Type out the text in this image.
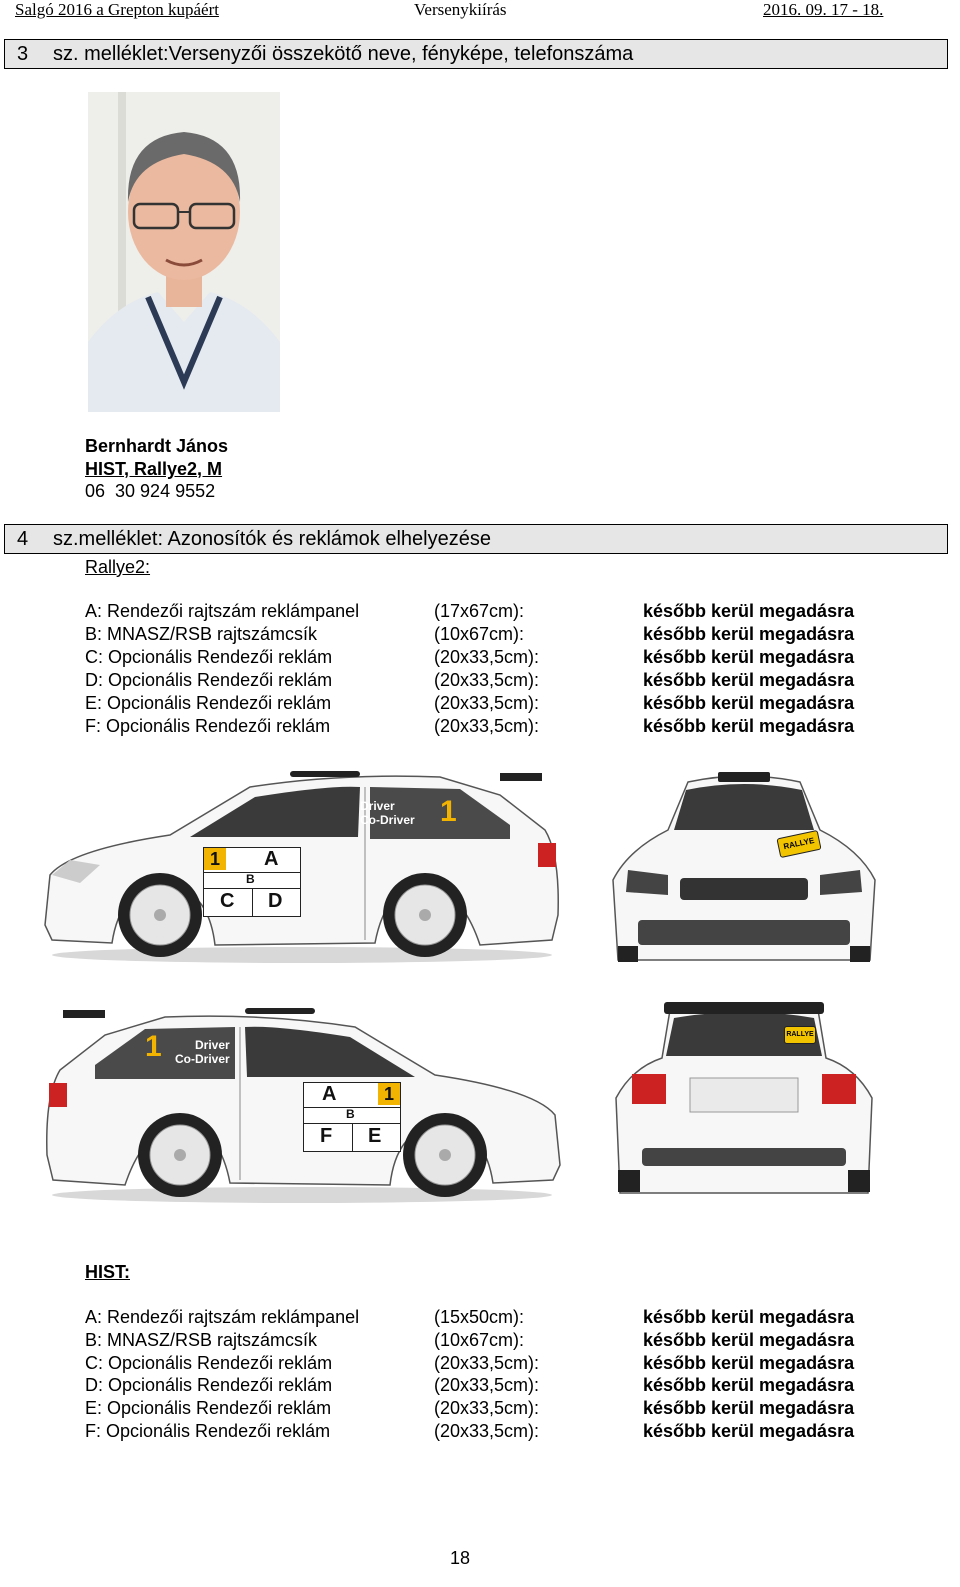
Salgó 2016 a Grepton kupáért	Versenykiírás	2016. 09. 17 - 18.
3 sz. melléklet:Versenyzői összekötő neve, fényképe, telefonszáma
Bernhardt János
HIST, Rallye2, M
06  30 924 9552
4 sz.melléklet: Azonosítók és reklámok elhelyezése
Rallye2:
A: Rendezői rajtszám reklámpanel	(17x67cm):	később kerül megadásra
B: MNASZ/RSB rajtszámcsík	(10x67cm):	később kerül megadásra
C: Opcionális Rendezői reklám	(20x33,5cm):	később kerül megadásra
D: Opcionális Rendezői reklám	(20x33,5cm):	később kerül megadásra
E: Opcionális Rendezői reklám	(20x33,5cm):	később kerül megadásra
F: Opcionális Rendezői reklám	(20x33,5cm):	később kerül megadásra
1	A
B
C D
Driver
Co-Driver 1
RALLYE
1
A
B
F E
Driver
Co-Driver
1	RALLYE
HIST:
A: Rendezői rajtszám reklámpanel	(15x50cm):	később kerül megadásra
B: MNASZ/RSB rajtszámcsík	(10x67cm):	később kerül megadásra
C: Opcionális Rendezői reklám	(20x33,5cm):	később kerül megadásra
D: Opcionális Rendezői reklám	(20x33,5cm):	később kerül megadásra
E: Opcionális Rendezői reklám	(20x33,5cm):	később kerül megadásra
F: Opcionális Rendezői reklám	(20x33,5cm):	később kerül megadásra
18
